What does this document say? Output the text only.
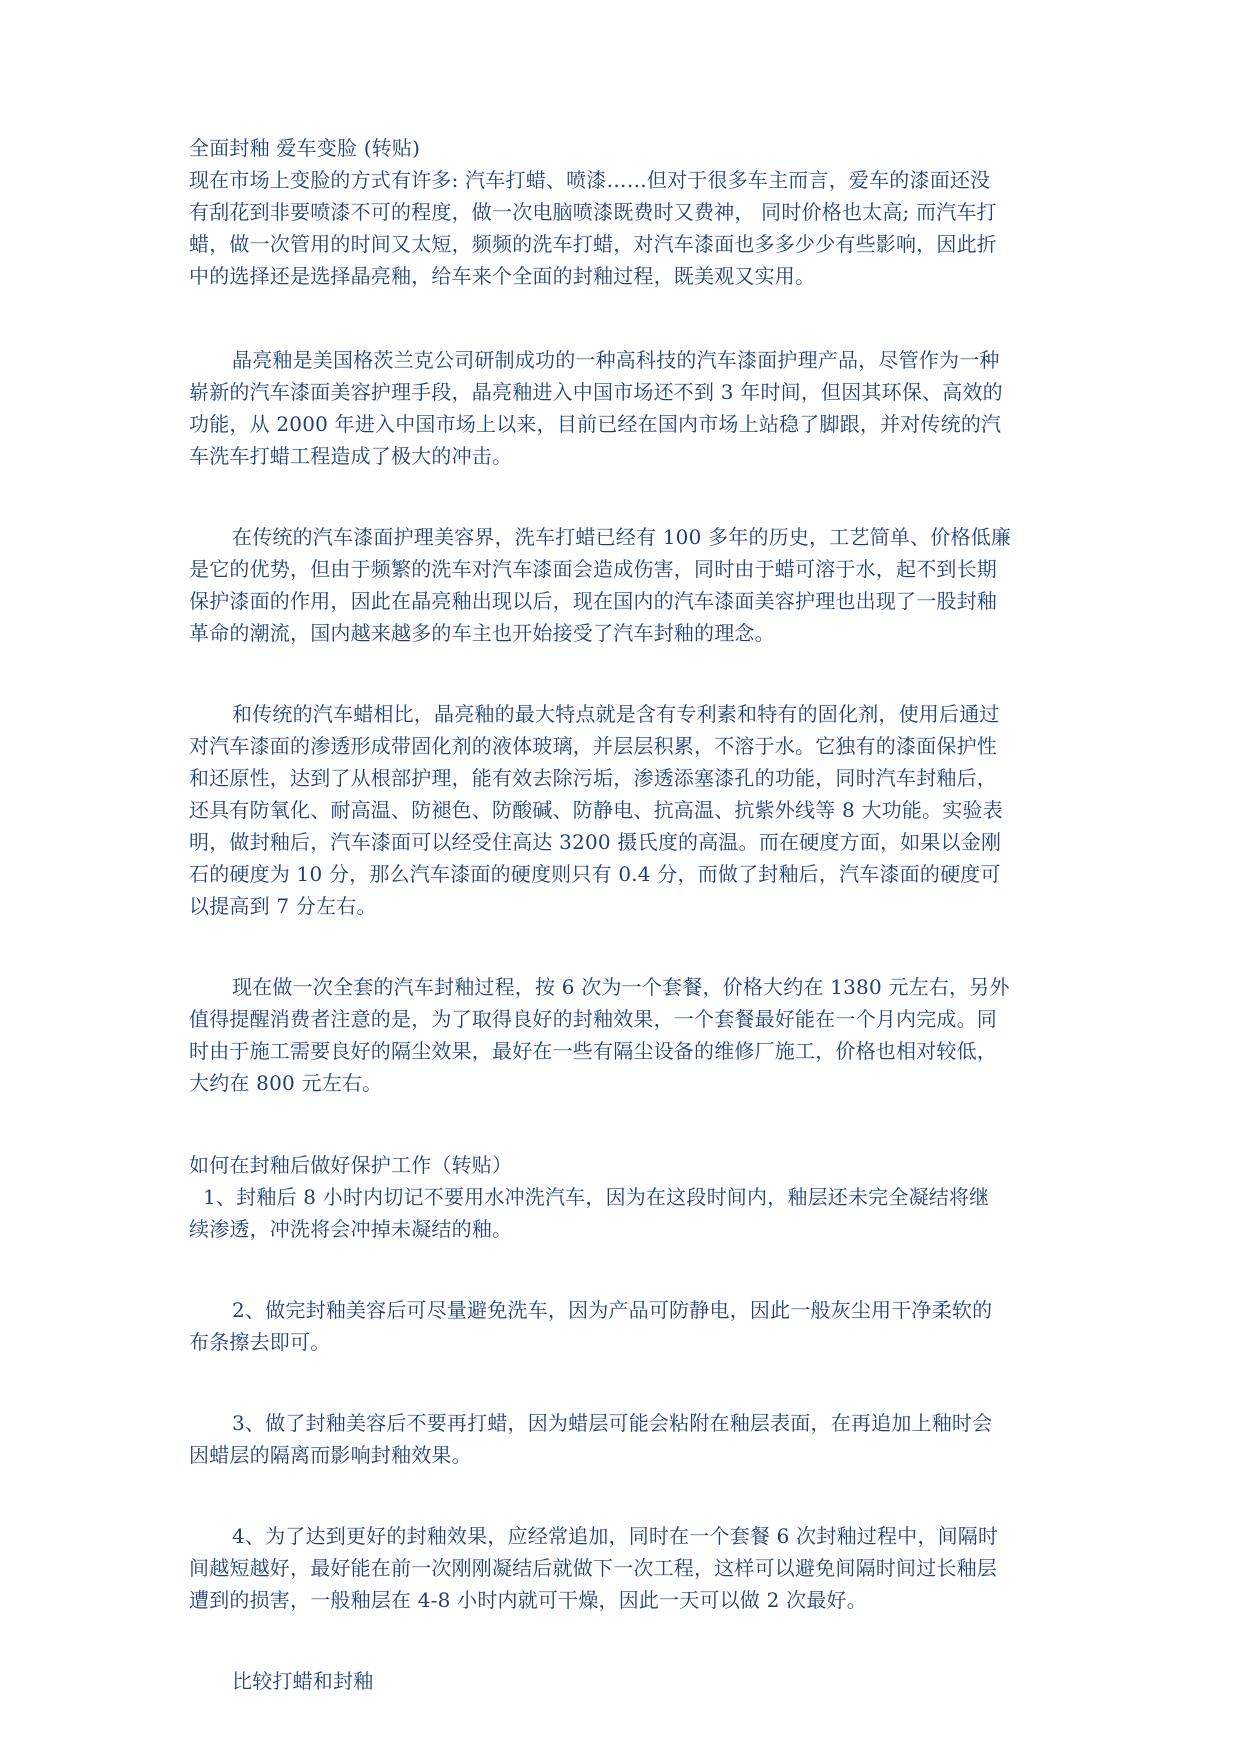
全面封釉 爱车变脸 (转贴)
现在市场上变脸的方式有许多: 汽车打蜡、喷漆……但对于很多车主而言，爱车的漆面还没
有刮花到非要喷漆不可的程度，做一次电脑喷漆既费时又费神， 同时价格也太高; 而汽车打
蜡，做一次管用的时间又太短，频频的洗车打蜡，对汽车漆面也多多少少有些影响，因此折
中的选择还是选择晶亮釉，给车来个全面的封釉过程，既美观又实用。
晶亮釉是美国格茨兰克公司研制成功的一种高科技的汽车漆面护理产品，尽管作为一种
崭新的汽车漆面美容护理手段，晶亮釉进入中国市场还不到 3 年时间，但因其环保、高效的
功能，从 2000 年进入中国市场上以来，目前已经在国内市场上站稳了脚跟，并对传统的汽
车洗车打蜡工程造成了极大的冲击。
在传统的汽车漆面护理美容界，洗车打蜡已经有 100 多年的历史，工艺简单、价格低廉
是它的优势，但由于频繁的洗车对汽车漆面会造成伤害，同时由于蜡可溶于水，起不到长期
保护漆面的作用，因此在晶亮釉出现以后，现在国内的汽车漆面美容护理也出现了一股封釉
革命的潮流，国内越来越多的车主也开始接受了汽车封釉的理念。
和传统的汽车蜡相比，晶亮釉的最大特点就是含有专利素和特有的固化剂，使用后通过
对汽车漆面的渗透形成带固化剂的液体玻璃，并层层积累，不溶于水。它独有的漆面保护性
和还原性，达到了从根部护理，能有效去除污垢，渗透添塞漆孔的功能，同时汽车封釉后，
还具有防氧化、耐高温、防褪色、防酸碱、防静电、抗高温、抗紫外线等 8 大功能。实验表
明，做封釉后，汽车漆面可以经受住高达 3200 摄氏度的高温。而在硬度方面，如果以金刚
石的硬度为 10 分，那么汽车漆面的硬度则只有 0.4 分，而做了封釉后，汽车漆面的硬度可
以提高到 7 分左右。
现在做一次全套的汽车封釉过程，按 6 次为一个套餐，价格大约在 1380 元左右，另外
值得提醒消费者注意的是，为了取得良好的封釉效果，一个套餐最好能在一个月内完成。同
时由于施工需要良好的隔尘效果，最好在一些有隔尘设备的维修厂施工，价格也相对较低，
大约在 800 元左右。
如何在封釉后做好保护工作（转贴）
1、封釉后 8 小时内切记不要用水冲洗汽车，因为在这段时间内，釉层还未完全凝结将继
续渗透，冲洗将会冲掉未凝结的釉。
2、做完封釉美容后可尽量避免洗车，因为产品可防静电，因此一般灰尘用干净柔软的
布条擦去即可。
3、做了封釉美容后不要再打蜡，因为蜡层可能会粘附在釉层表面，在再追加上釉时会
因蜡层的隔离而影响封釉效果。
4、为了达到更好的封釉效果，应经常追加，同时在一个套餐 6 次封釉过程中，间隔时
间越短越好，最好能在前一次刚刚凝结后就做下一次工程，这样可以避免间隔时间过长釉层
遭到的损害，一般釉层在 4-8 小时内就可干燥，因此一天可以做 2 次最好。
比较打蜡和封釉
